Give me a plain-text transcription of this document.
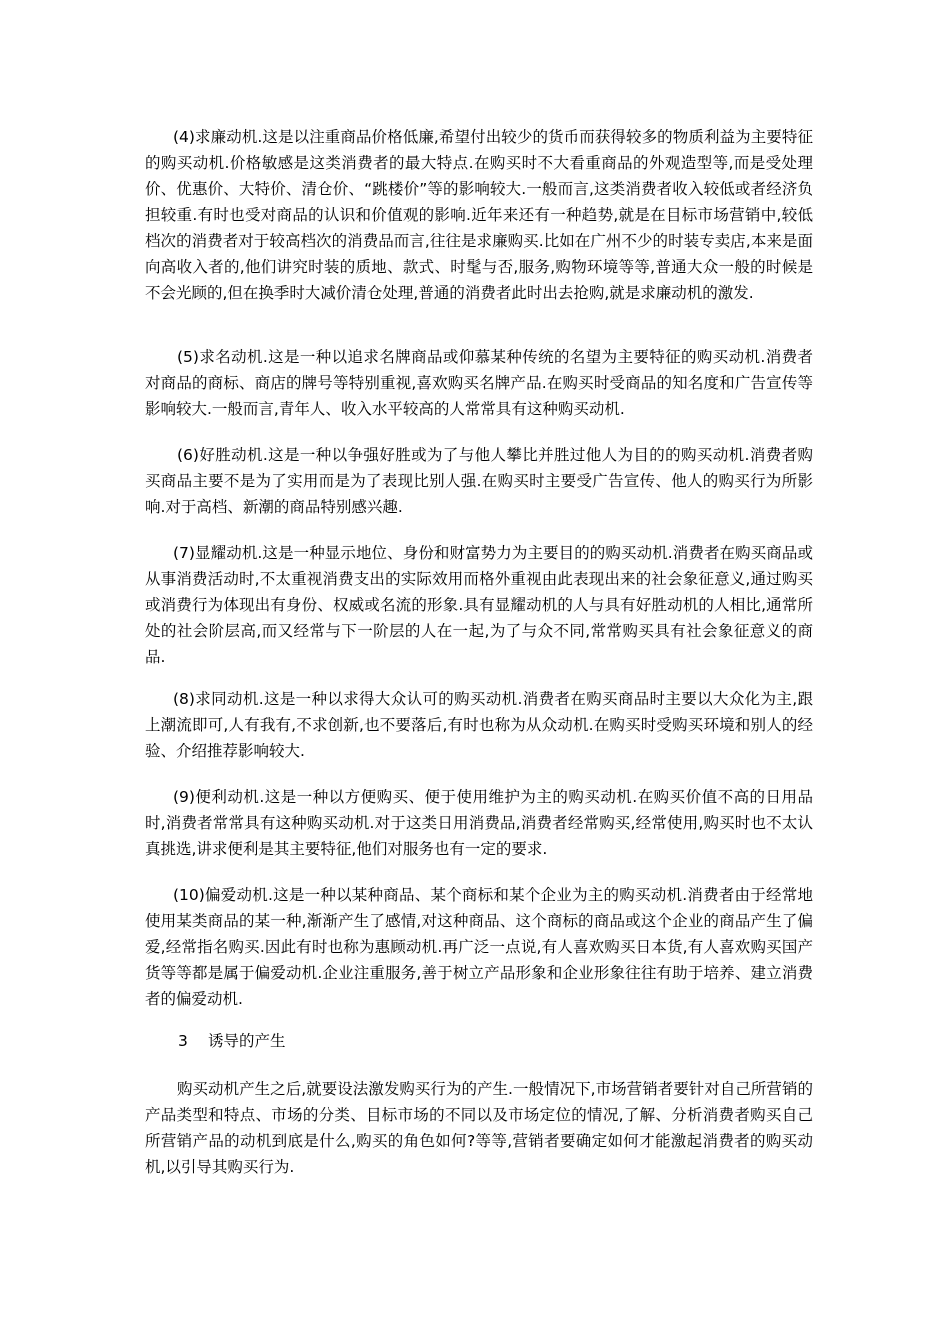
(4)求廉动机.这是以注重商品价格低廉,希望付出较少的货币而获得较多的物质利益为主要特征的购买动机.价格敏感是这类消费者的最大特点.在购买时不大看重商品的外观造型等,而是受处理价、优惠价、大特价、清仓价、“跳楼价”等的影响较大.一般而言,这类消费者收入较低或者经济负担较重.有时也受对商品的认识和价值观的影响.近年来还有一种趋势,就是在目标市场营销中,较低档次的消费者对于较高档次的消费品而言,往往是求廉购买.比如在广州不少的时装专卖店,本来是面向高收入者的,他们讲究时装的质地、款式、时髦与否,服务,购物环境等等,普通大众一般的时候是不会光顾的,但在换季时大减价清仓处理,普通的消费者此时出去抢购,就是求廉动机的激发.

(5)求名动机.这是一种以追求名牌商品或仰慕某种传统的名望为主要特征的购买动机.消费者对商品的商标、商店的牌号等特别重视,喜欢购买名牌产品.在购买时受商品的知名度和广告宣传等影响较大.一般而言,青年人、收入水平较高的人常常具有这种购买动机.

(6)好胜动机.这是一种以争强好胜或为了与他人攀比并胜过他人为目的的购买动机.消费者购买商品主要不是为了实用而是为了表现比别人强.在购买时主要受广告宣传、他人的购买行为所影响.对于高档、新潮的商品特别感兴趣.

(7)显耀动机.这是一种显示地位、身份和财富势力为主要目的的购买动机.消费者在购买商品或从事消费活动时,不太重视消费支出的实际效用而格外重视由此表现出来的社会象征意义,通过购买或消费行为体现出有身份、权威或名流的形象.具有显耀动机的人与具有好胜动机的人相比,通常所处的社会阶层高,而又经常与下一阶层的人在一起,为了与众不同,常常购买具有社会象征意义的商品.

(8)求同动机.这是一种以求得大众认可的购买动机.消费者在购买商品时主要以大众化为主,跟上潮流即可,人有我有,不求创新,也不要落后,有时也称为从众动机.在购买时受购买环境和别人的经验、介绍推荐影响较大.

(9)便利动机.这是一种以方便购买、便于使用维护为主的购买动机.在购买价值不高的日用品时,消费者常常具有这种购买动机.对于这类日用消费品,消费者经常购买,经常使用,购买时也不太认真挑选,讲求便利是其主要特征,他们对服务也有一定的要求.

(10)偏爱动机.这是一种以某种商品、某个商标和某个企业为主的购买动机.消费者由于经常地使用某类商品的某一种,渐渐产生了感情,对这种商品、这个商标的商品或这个企业的商品产生了偏爱,经常指名购买.因此有时也称为惠顾动机.再广泛一点说,有人喜欢购买日本货,有人喜欢购买国产货等等都是属于偏爱动机.企业注重服务,善于树立产品形象和企业形象往往有助于培养、建立消费者的偏爱动机.

3 诱导的产生

购买动机产生之后,就要设法激发购买行为的产生.一般情况下,市场营销者要针对自己所营销的产品类型和特点、市场的分类、目标市场的不同以及市场定位的情况,了解、分析消费者购买自己所营销产品的动机到底是什么,购买的角色如何?等等,营销者要确定如何才能激起消费者的购买动机,以引导其购买行为.
